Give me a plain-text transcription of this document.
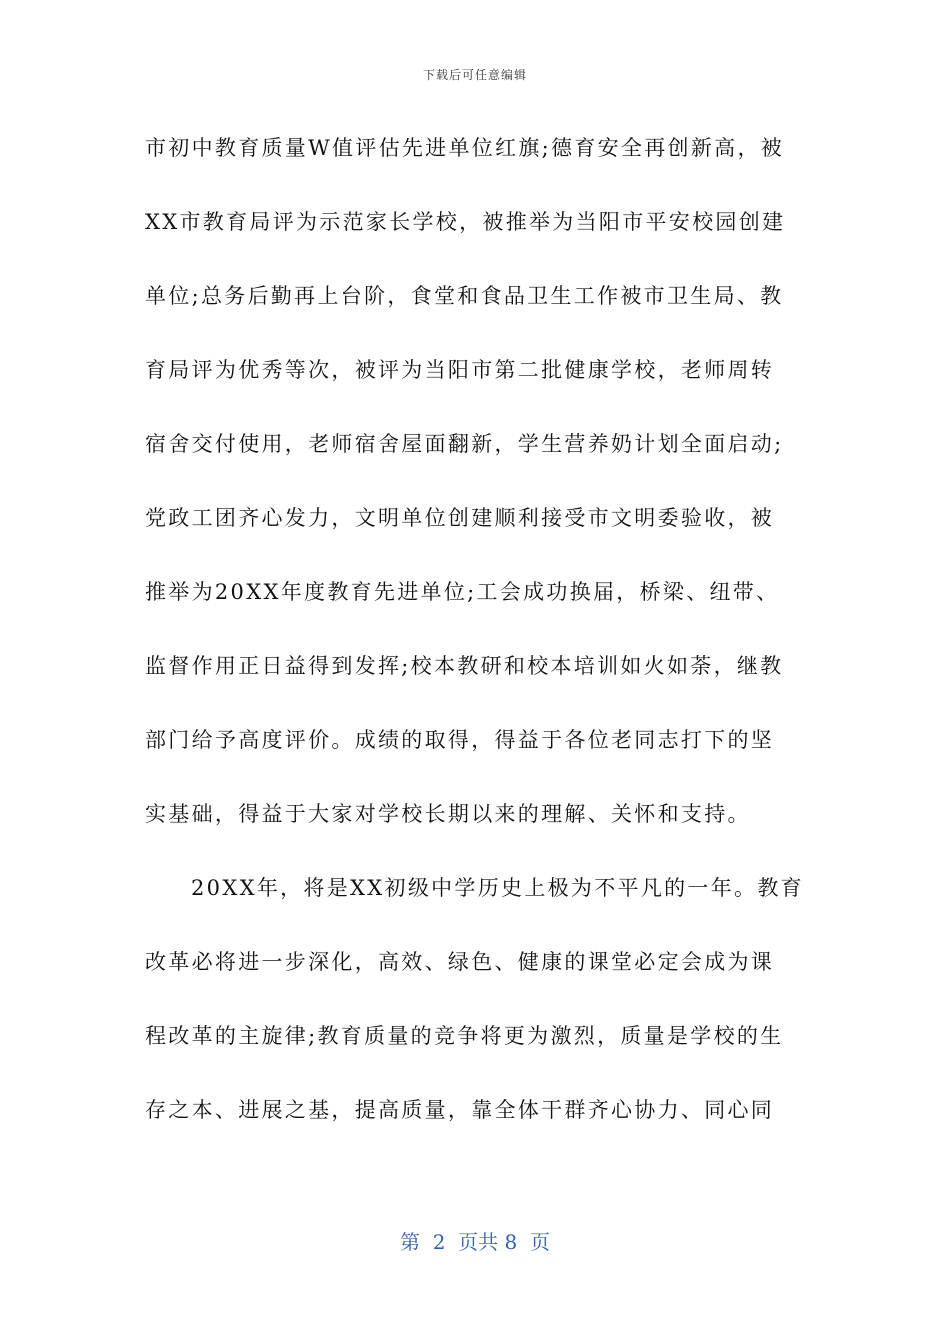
下载后可任意编辑
市初中教育质量W值评估先进单位红旗;德育安全再创新高，被
XX市教育局评为示范家长学校，被推举为当阳市平安校园创建
单位;总务后勤再上台阶，食堂和食品卫生工作被市卫生局、教
育局评为优秀等次，被评为当阳市第二批健康学校，老师周转
宿舍交付使用，老师宿舍屋面翻新，学生营养奶计划全面启动;
党政工团齐心发力，文明单位创建顺利接受市文明委验收，被
推举为20XX年度教育先进单位;工会成功换届，桥梁、纽带、
监督作用正日益得到发挥;校本教研和校本培训如火如荼，继教
部门给予高度评价。成绩的取得，得益于各位老同志打下的坚
实基础，得益于大家对学校长期以来的理解、关怀和支持。
20XX年，将是XX初级中学历史上极为不平凡的一年。教育
改革必将进一步深化，高效、绿色、健康的课堂必定会成为课
程改革的主旋律;教育质量的竞争将更为激烈，质量是学校的生
存之本、进展之基，提高质量，靠全体干群齐心协力、同心同
第  2  页共 8  页
